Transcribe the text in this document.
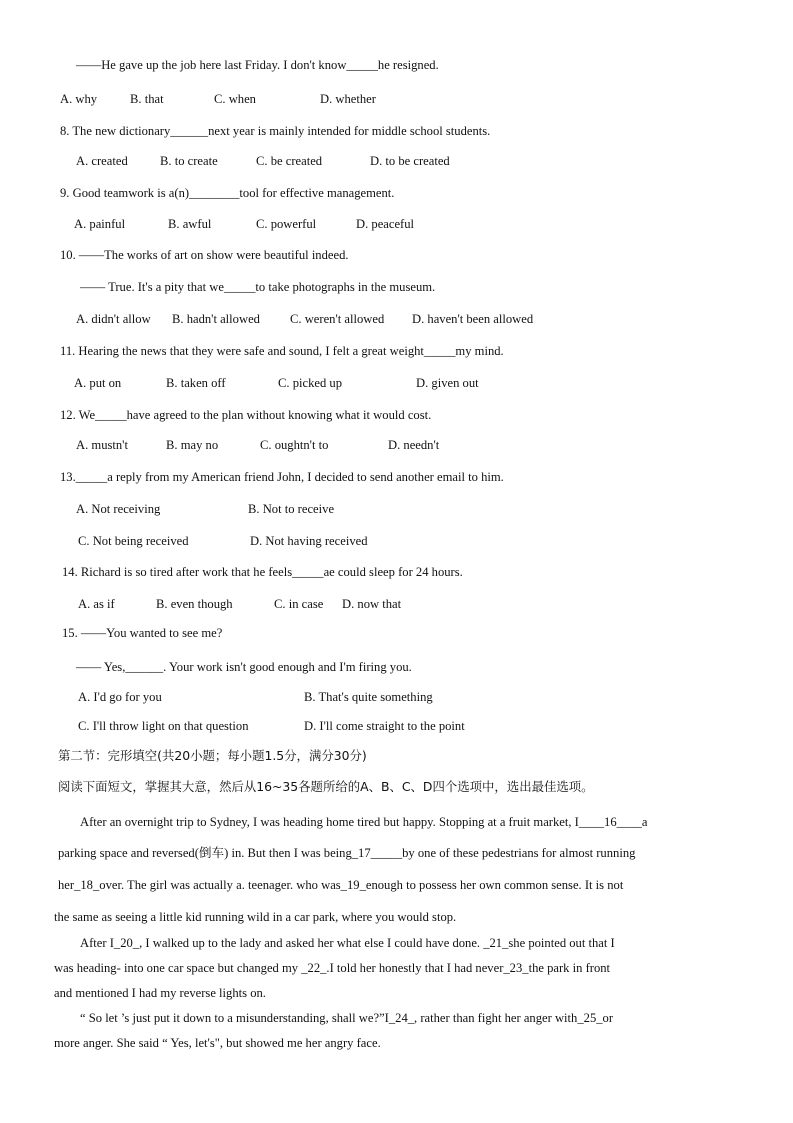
——He gave up the job here last Friday. I don't know_____he resigned.
A. why	B. that	C. when	D. whether
8. The new dictionary______next year is mainly intended for middle school students.
A. created	B. to create	C. be created	D. to be created
9. Good teamwork is a(n)________tool for effective management.
A. painful	B. awful	C. powerful	D. peaceful
10. ——The works of art on show were beautiful indeed.
—— True. It's a pity that we_____to take photographs in the museum.
A. didn't allow B. hadn't allowed C. weren't allowed D. haven't been allowed
11. Hearing the news that they were safe and sound, I felt a great weight_____my mind.
A. put on	B. taken off	C. picked up	D. given out
12. We_____have agreed to the plan without knowing what it would cost.
A. mustn't	B. may no	C. oughtn't to	D. needn't
13._____a reply from my American friend John, I decided to send another email to him.
A. Not receiving	B. Not to receive
C. Not being received	D. Not having received
14. Richard is so tired after work that he feels_____ae could sleep for 24 hours.
A. as if	B. even though	C. in case D. now that
15. ——You wanted to see me?
—— Yes,______. Your work isn't good enough and I'm firing you.
A. I'd go for you	B. That's quite something
C. I'll throw light on that question	D. I'll come straight to the point
第二节：完形填空(共20小题；每小题1.5分，满分30分)
阅读下面短文，掌握其大意，然后从16~35各题所给的A、B、C、D四个选项中，选出最佳选项。
After an overnight trip to Sydney, I was heading home tired but happy. Stopping at a fruit market, I____16____a
parking space and reversed(倒车) in. But then I was being_17_____by one of these pedestrians for almost running
her_18_over. The girl was actually a. teenager. who was_19_enough to possess her own common sense. It is not
the same as seeing a little kid running wild in a car park, where you would stop.
After I_20_, I walked up to the lady and asked her what else I could have done. _21_she pointed out that I
was heading- into one car space but changed my _22_.I told her honestly that I had never_23_the park in front
and mentioned I had my reverse lights on.
“ So let ’s just put it down to a misunderstanding, shall we?”I_24_, rather than fight her anger with_25_or
more anger. She said “ Yes, let's", but showed me her angry face.
